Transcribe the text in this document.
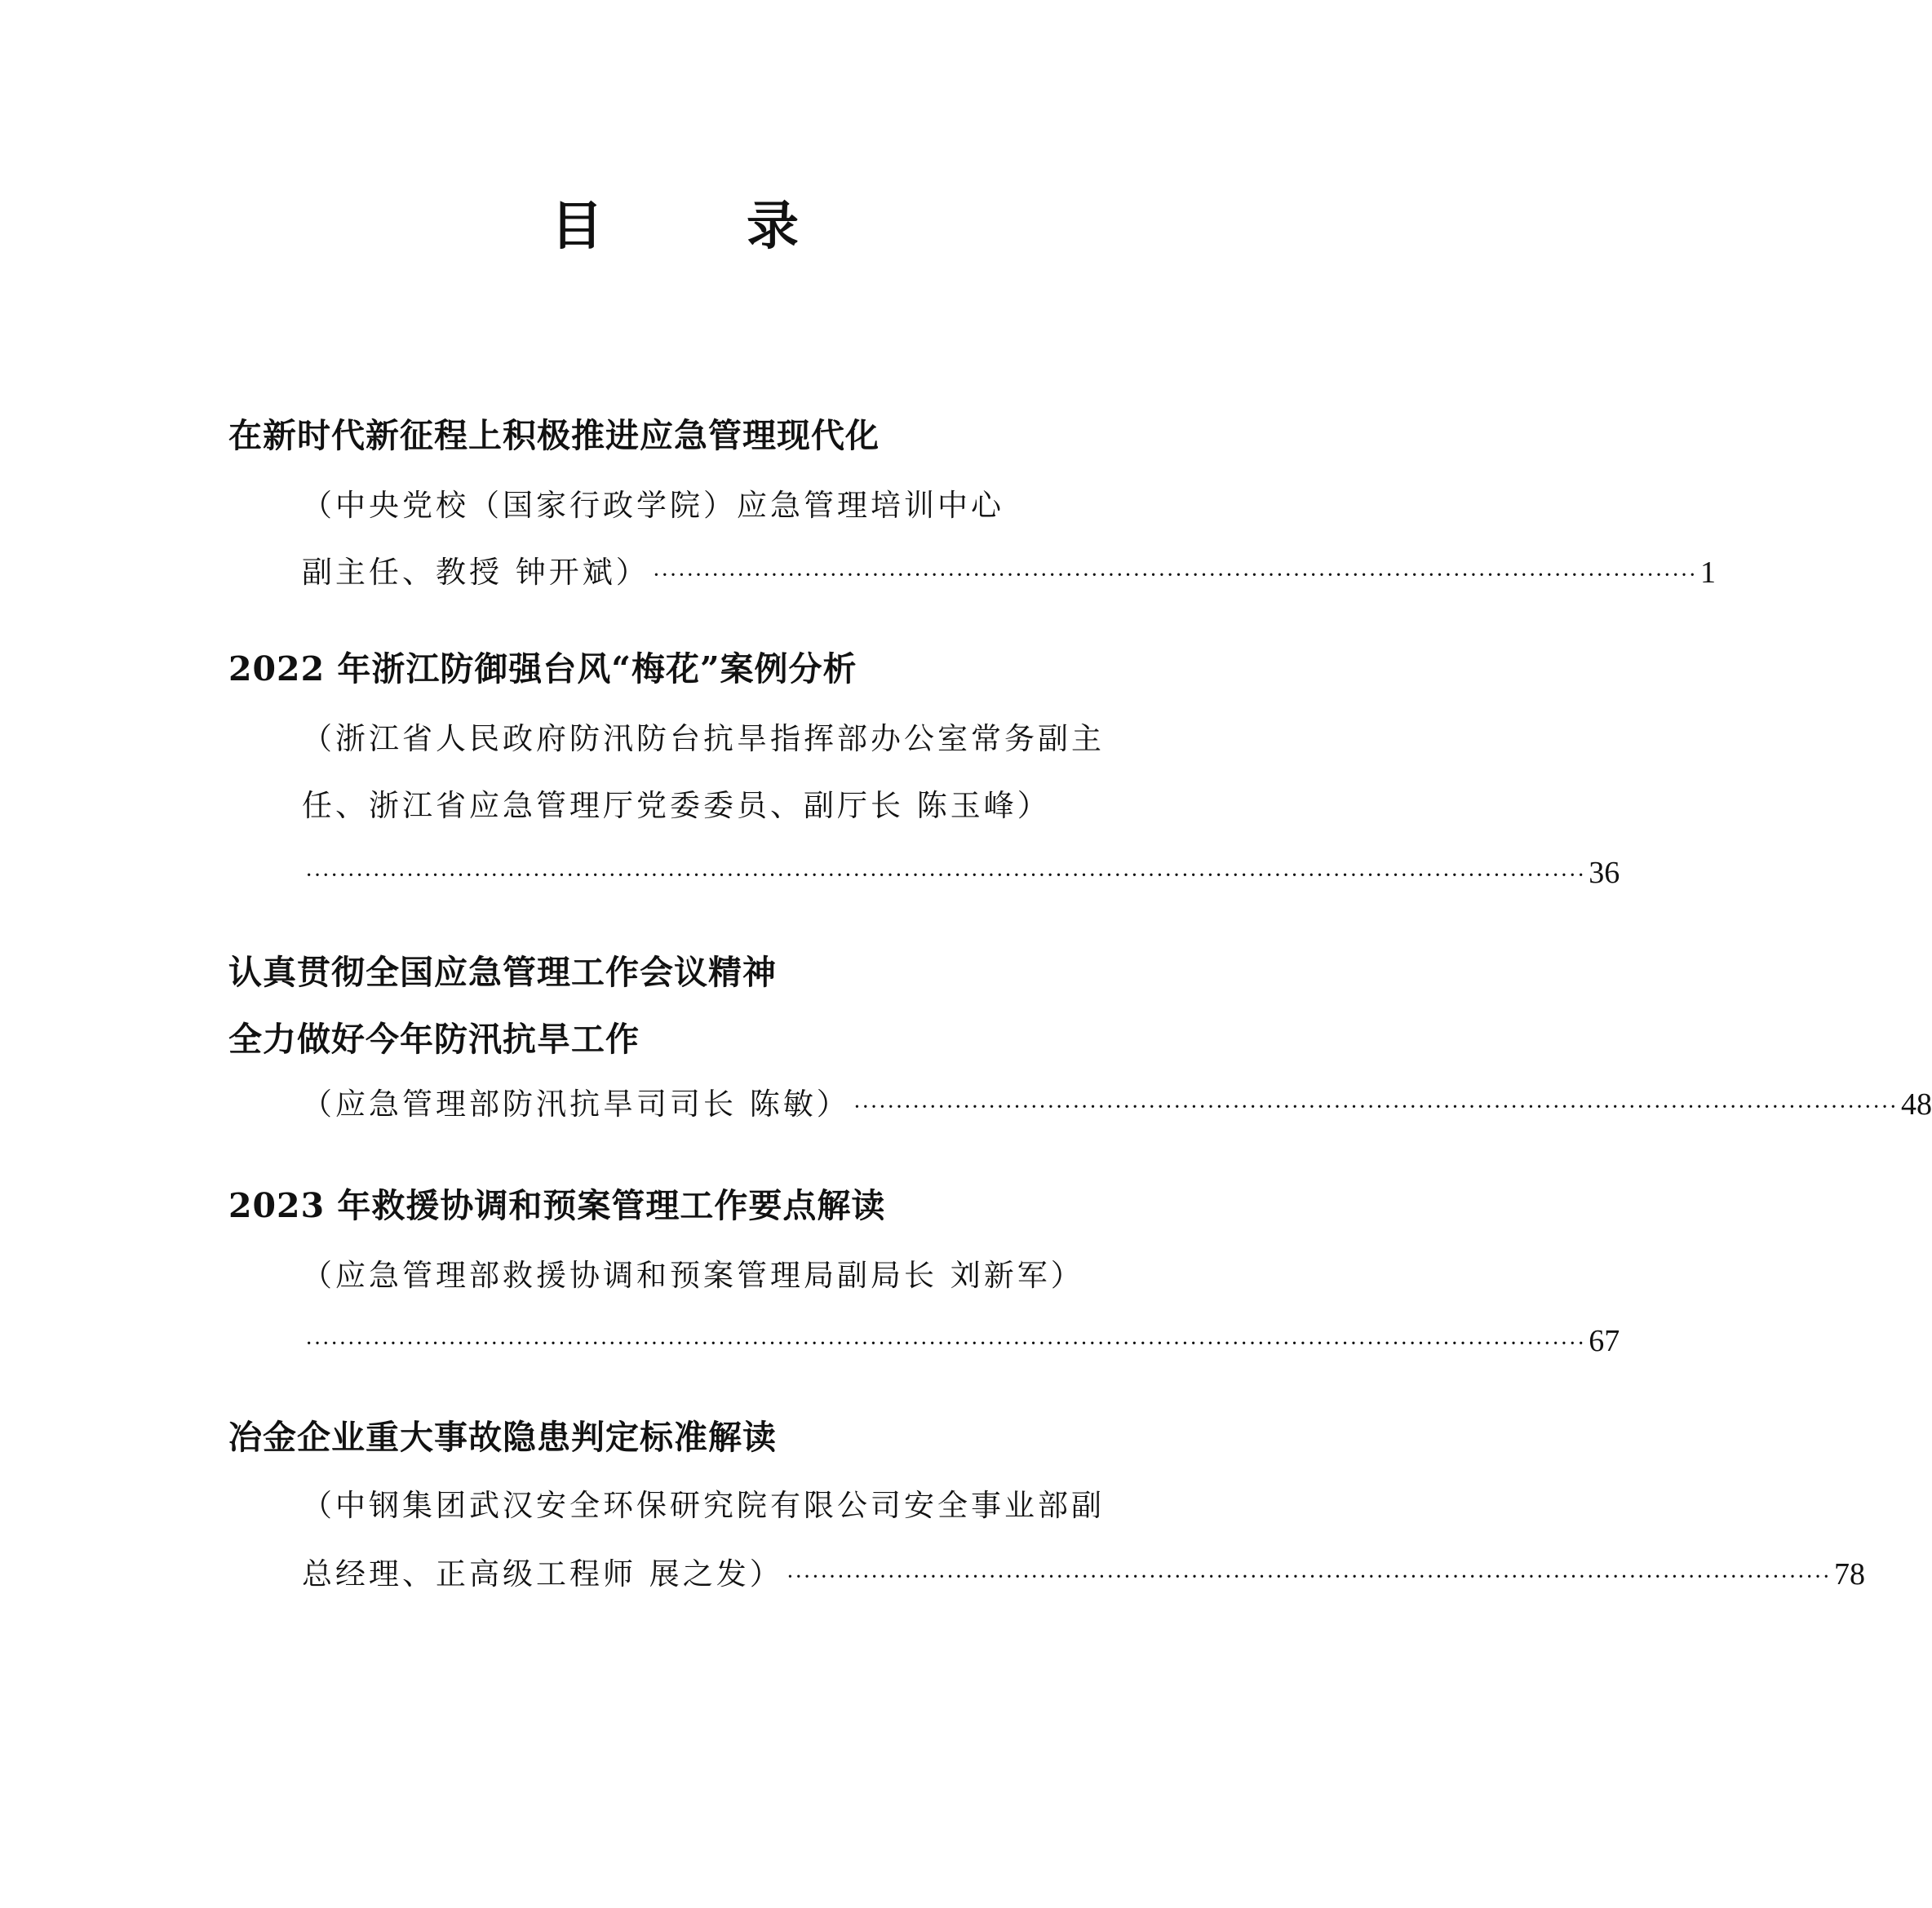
目　录
在新时代新征程上积极推进应急管理现代化
（中央党校（国家行政学院）应急管理培训中心
副主任、教授 钟开斌） ···························································································································· 1
2022 年浙江防御强台风“梅花”案例分析
（浙江省人民政府防汛防台抗旱指挥部办公室常务副主
任、浙江省应急管理厅党委委员、副厅长 陈玉峰）
························································································································································ 36
认真贯彻全国应急管理工作会议精神
全力做好今年防汛抗旱工作
（应急管理部防汛抗旱司司长 陈敏） ···························································································································· 48
2023 年救援协调和预案管理工作要点解读
（应急管理部救援协调和预案管理局副局长 刘新军）
························································································································································ 67
冶金企业重大事故隐患判定标准解读
（中钢集团武汉安全环保研究院有限公司安全事业部副
总经理、正高级工程师 展之发） ···························································································································· 78
